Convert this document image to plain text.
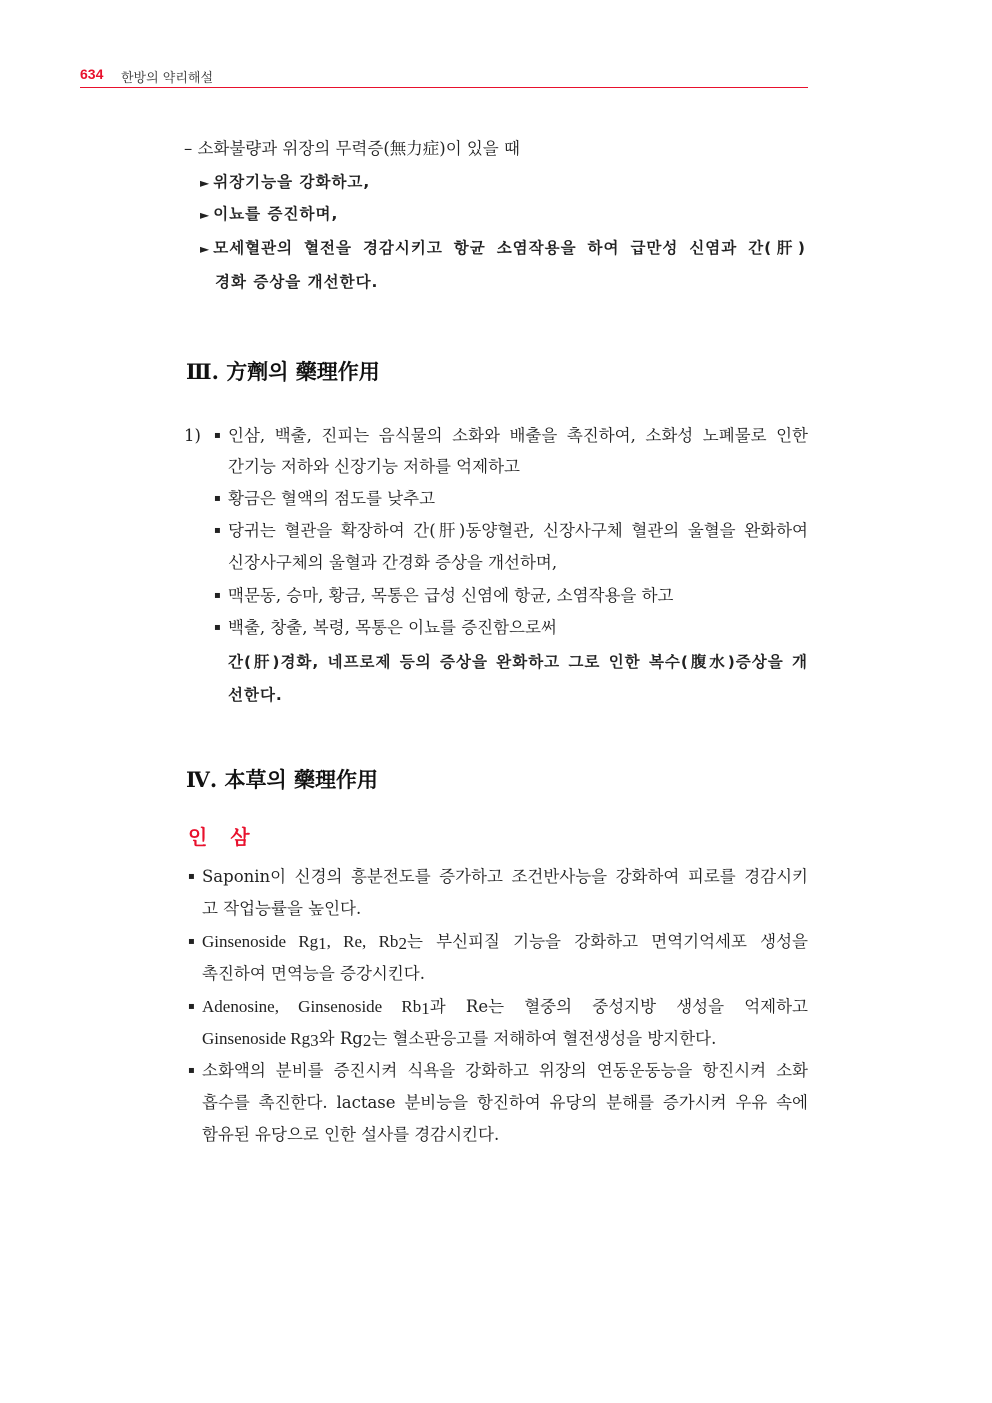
634 한방의 약리해설
– 소화불량과 위장의 무력증(無力症)이 있을 때
► 위장기능을 강화하고,
► 이뇨를 증진하며,
► 모세혈관의 혈전을 경감시키고 항균 소염작용을 하여 급만성 신염과 간(肝)
경화 증상을 개선한다.
Ⅲ. 方劑의 藥理作用
1) ▪ 인삼, 백출, 진피는 음식물의 소화와 배출을 촉진하여, 소화성 노폐물로 인한
간기능 저하와 신장기능 저하를 억제하고
▪ 황금은 혈액의 점도를 낮추고
▪ 당귀는 혈관을 확장하여 간(肝)동양혈관, 신장사구체 혈관의 울혈을 완화하여
신장사구체의 울혈과 간경화 증상을 개선하며,
▪ 맥문동, 승마, 황금, 목통은 급성 신염에 항균, 소염작용을 하고
▪ 백출, 창출, 복령, 목통은 이뇨를 증진함으로써
간(肝)경화, 네프로제 등의 증상을 완화하고 그로 인한 복수(腹水)증상을 개
선한다.
Ⅳ. 本草의 藥理作用
인 삼
▪ Saponin이 신경의 흥분전도를 증가하고 조건반사능을 강화하여 피로를 경감시키
고 작업능률을 높인다.
▪ Ginsenoside $Rg_1$, Re, $Rb_2$는 부신피질 기능을 강화하고 면역기억세포 생성을
촉진하여 면역능을 증강시킨다.
▪ Adenosine, Ginsenoside $Rb_1$과 Re는 혈중의 중성지방 생성을 억제하고
Ginsenoside $Rg_3$와 $Rg_2$는 혈소판응고를 저해하여 혈전생성을 방지한다.
▪ 소화액의 분비를 증진시켜 식욕을 강화하고 위장의 연동운동능을 항진시켜 소화
흡수를 촉진한다. lactase 분비능을 항진하여 유당의 분해를 증가시켜 우유 속에
함유된 유당으로 인한 설사를 경감시킨다.
